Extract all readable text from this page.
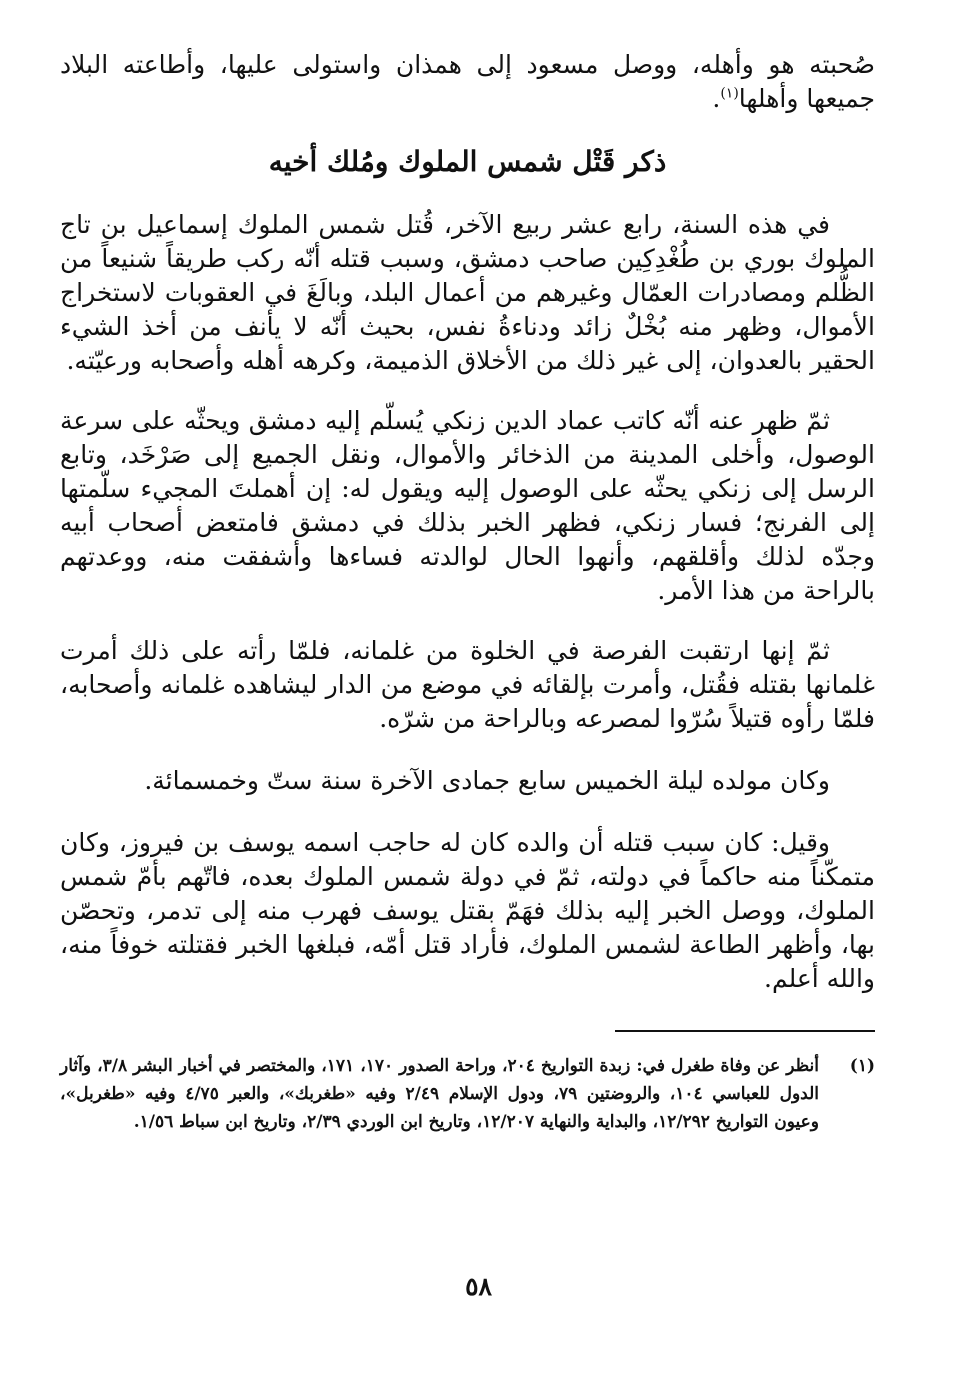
صُحبته هو وأهله، ووصل مسعود إلى همذان واستولى عليها، وأطاعته البلاد جميعها وأهلها$^{(١)}$.

ذكر قَتْل شمس الملوك ومُلك أخيه

في هذه السنة، رابع عشر ربيع الآخر، قُتل شمس الملوك إسماعيل بن تاج الملوك بوري بن طُغْدِكِين صاحب دمشق، وسبب قتله أنّه ركب طريقاً شنيعاً من الظُّلم ومصادرات العمّال وغيرهم من أعمال البلد، وبالَغَ في العقوبات لاستخراج الأموال، وظهر منه بُخْلٌ زائد ودناءةُ نفس، بحيث أنّه لا يأنف من أخذ الشيء الحقير بالعدوان، إلى غير ذلك من الأخلاق الذميمة، وكرهه أهله وأصحابه ورعيّته.

ثمّ ظهر عنه أنّه كاتب عماد الدين زنكي يُسلّم إليه دمشق ويحثّه على سرعة الوصول، وأخلى المدينة من الذخائر والأموال، ونقل الجميع إلى صَرْخَد، وتابع الرسل إلى زنكي يحثّه على الوصول إليه ويقول له: إن أهملتَ المجيء سلّمتها إلى الفرنج؛ فسار زنكي، فظهر الخبر بذلك في دمشق فامتعض أصحاب أبيه وجدّه لذلك وأقلقهم، وأنهوا الحال لوالدته فساءها وأشفقت منه، ووعدتهم بالراحة من هذا الأمر.

ثمّ إنها ارتقبت الفرصة في الخلوة من غلمانه، فلمّا رأته على ذلك أمرت غلمانها بقتله فقُتل، وأمرت بإلقائه في موضع من الدار ليشاهده غلمانه وأصحابه، فلمّا رأوه قتيلاً سُرّوا لمصرعه وبالراحة من شرّه.

وكان مولده ليلة الخميس سابع جمادى الآخرة سنة ستّ وخمسمائة.

وقيل: كان سبب قتله أن والده كان له حاجب اسمه يوسف بن فيروز، وكان متمكّناً منه حاكماً في دولته، ثمّ في دولة شمس الملوك بعده، فاتّهم بأمّ شمس الملوك، ووصل الخبر إليه بذلك فهَمّ بقتل يوسف فهرب منه إلى تدمر، وتحصّن بها، وأظهر الطاعة لشمس الملوك، فأراد قتل أمّه، فبلغها الخبر فقتلته خوفاً منه، والله أعلم.

(١)
أنظر عن وفاة طغرل في: زبدة التواريخ ٢٠٤، وراحة الصدور ١٧٠، ١٧١، والمختصر في أخبار البشر ٣/٨، وآثار الدول للعباسي ١٠٤، والروضتين ٧٩، ودول الإسلام ٢/٤٩ وفيه «طغربك»، والعبر ٤/٧٥ وفيه «طغربل»، وعيون التواريخ ١٢/٢٩٢، والبداية والنهاية ١٢/٢٠٧، وتاريخ ابن الوردي ٢/٣٩، وتاريخ ابن سباط ١/٥٦.
٥٨
